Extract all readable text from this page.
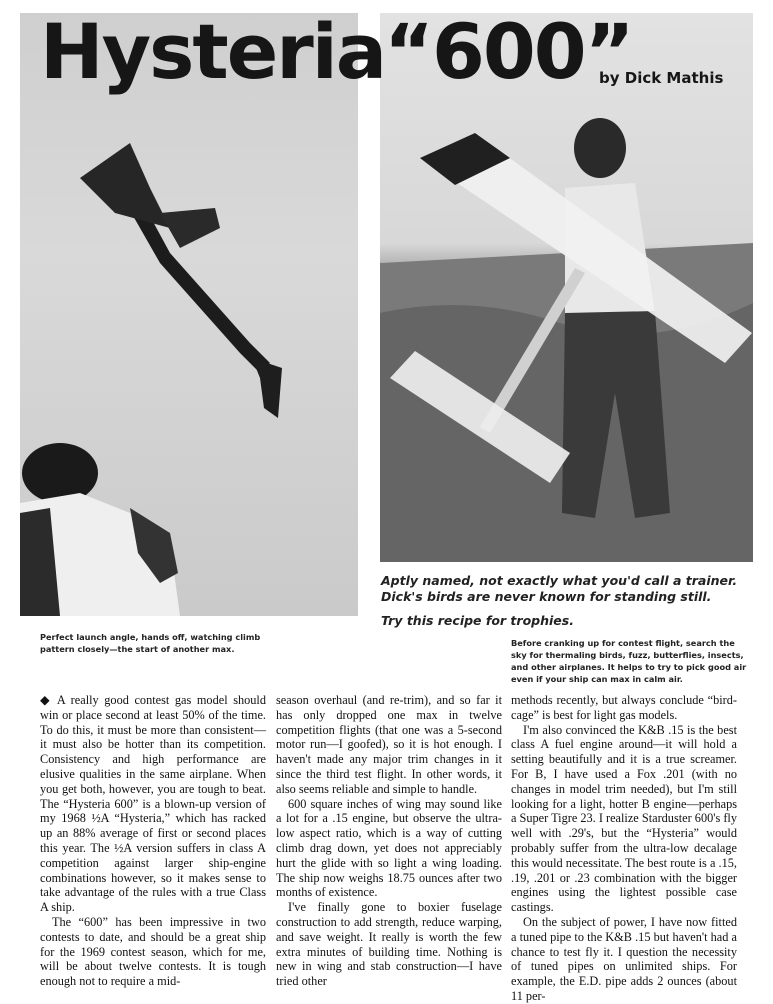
Hysteria
“600”
by Dick Mathis
Aptly named, not exactly what you'd call a trainer. Dick's birds are never known for standing still.
Try this recipe for trophies.
Perfect launch angle, hands off, watching climb pattern closely—the start of another max.
Before cranking up for contest flight, search the sky for thermaling birds, fuzz, butterflies, insects, and other airplanes. It helps to try to pick good air even if your ship can max in calm air.

◆ A really good contest gas model should win or place second at least 50% of the time. To do this, it must be more than consistent—it must also be hotter than its competition. Consistency and high performance are elusive qualities in the same airplane. When you get both, however, you are tough to beat. The “Hysteria 600” is a blown-up version of my 1968 ½A “Hysteria,” which has racked up an 88% average of first or second places this year. The ½A version suffers in class A competition against larger ship-engine combinations however, so it makes sense to take advantage of the rules with a true Class A ship.

The “600” has been impressive in two contests to date, and should be a great ship for the 1969 contest season, which for me, will be about twelve contests. It is tough enough not to require a mid-

season overhaul (and re-trim), and so far it has only dropped one max in twelve competition flights (that one was a 5-second motor run—I goofed), so it is hot enough. I haven't made any major trim changes in it since the third test flight. In other words, it also seems reliable and simple to handle.

600 square inches of wing may sound like a lot for a .15 engine, but observe the ultra-low aspect ratio, which is a way of cutting climb drag down, yet does not appreciably hurt the glide with so light a wing loading. The ship now weighs 18.75 ounces after two months of existence.

I've finally gone to boxier fuselage construction to add strength, reduce warping, and save weight. It really is worth the few extra minutes of building time. Nothing is new in wing and stab construction—I have tried other

methods recently, but always conclude “bird-cage” is best for light gas models.

I'm also convinced the K&B .15 is the best class A fuel engine around—it will hold a setting beautifully and it is a true screamer. For B, I have used a Fox .201 (with no changes in model trim needed), but I'm still looking for a light, hotter B engine—perhaps a Super Tigre 23. I realize Starduster 600's fly well with .29's, but the “Hysteria” would probably suffer from the ultra-low decalage this would necessitate. The best route is a .15, .19, .201 or .23 combination with the bigger engines using the lightest possible case castings.

On the subject of power, I have now fitted a tuned pipe to the K&B .15 but haven't had a chance to test fly it. I question the necessity of tuned pipes on unlimited ships. For example, the E.D. pipe adds 2 ounces (about 11 per-
